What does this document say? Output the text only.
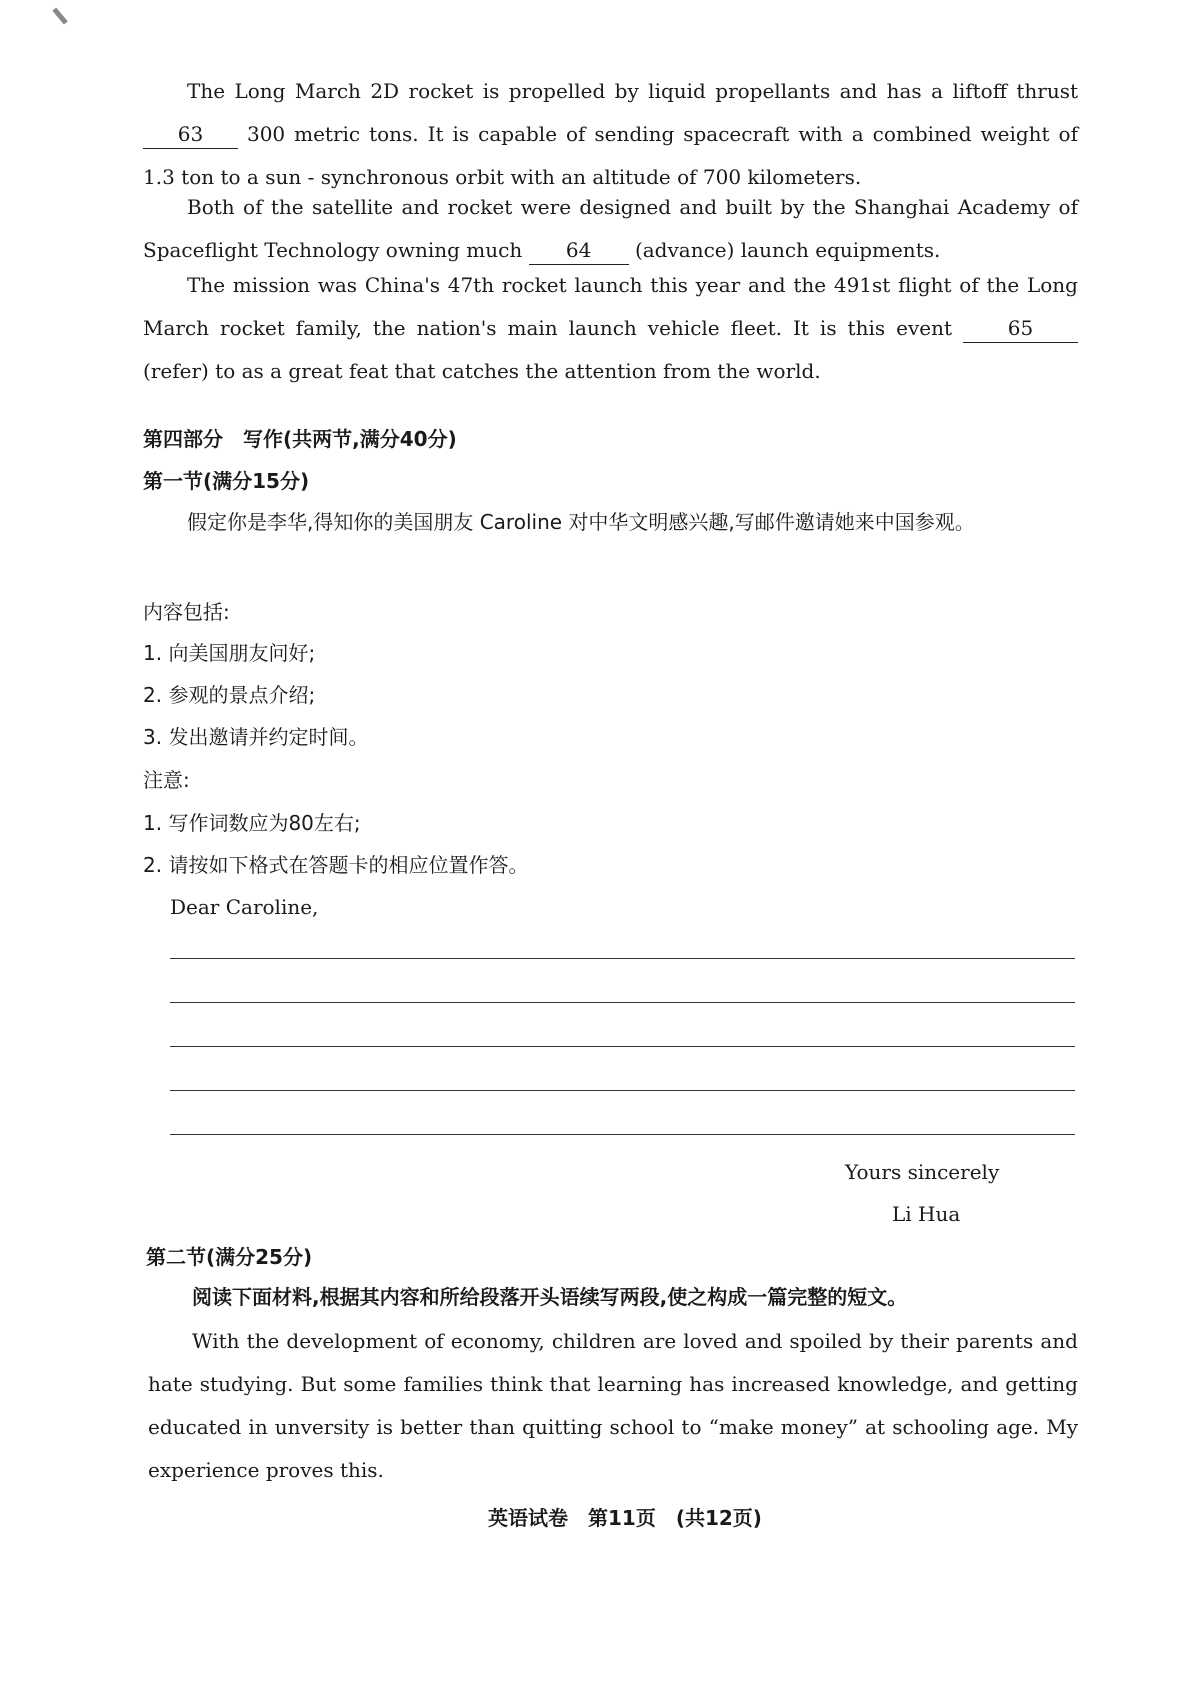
The Long March 2D rocket is propelled by liquid propellants and has a liftoff thrust 63 300 metric tons. It is capable of sending spacecraft with a combined weight of 1.3 ton to a sun - synchronous orbit with an altitude of 700 kilometers.

Both of the satellite and rocket were designed and built by the Shanghai Academy of Spaceflight Technology owning much 64 (advance) launch equipments.

The mission was China's 47th rocket launch this year and the 491st flight of the Long March rocket family, the nation's main launch vehicle fleet. It is this event	65 (refer) to as a great feat that catches the attention from the world.

第四部分　写作(共两节,满分40分)

第一节(满分15分)

假定你是李华,得知你的美国朋友 Caroline 对中华文明感兴趣,写邮件邀请她来中国参观。

内容包括:

1. 向美国朋友问好;

2. 参观的景点介绍;

3. 发出邀请并约定时间。

注意:

1. 写作词数应为80左右;

2. 请按如下格式在答题卡的相应位置作答。

Dear Caroline,

Yours sincerely

Li Hua

第二节(满分25分)

阅读下面材料,根据其内容和所给段落开头语续写两段,使之构成一篇完整的短文。

With the development of economy, children are loved and spoiled by their parents and hate studying. But some families think that learning has increased knowledge, and getting educated in unversity is better than quitting school to “make money” at schooling age. My experience proves this.

英语试卷　第11页　(共12页)
